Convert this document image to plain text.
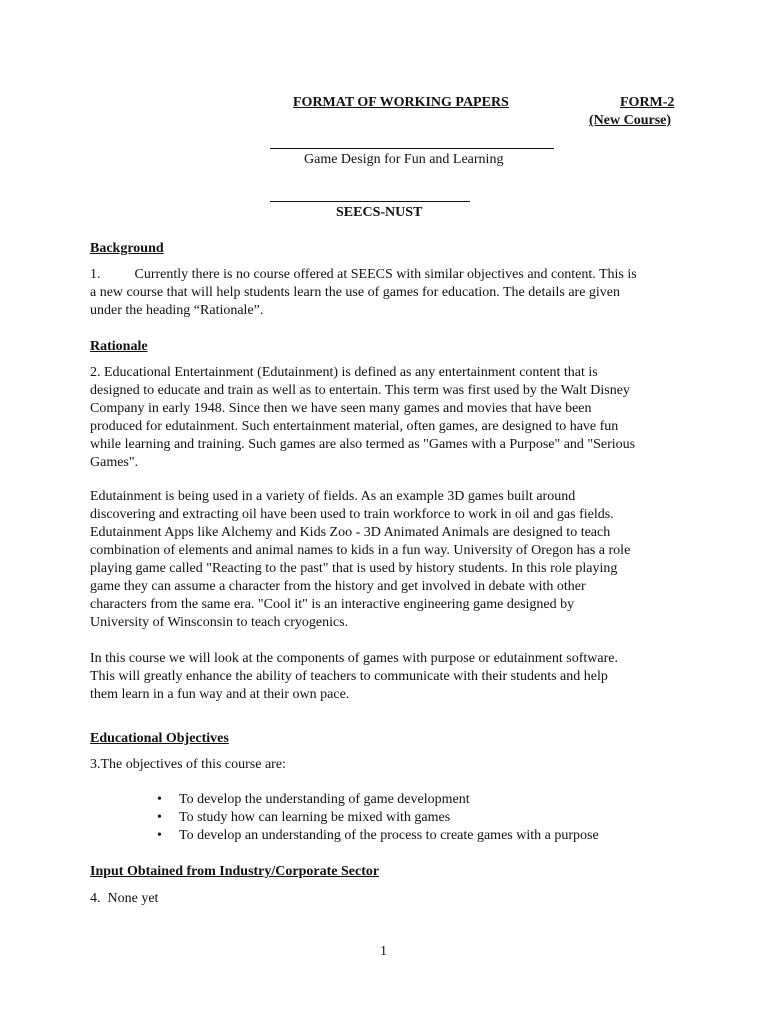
FORMAT OF WORKING PAPERS	FORM-2
(New Course)
Game Design for Fun and Learning
SEECS-NUST
Background
1. Currently there is no course offered at SEECS with similar objectives and content. This is
a new course that will help students learn the use of games for education. The details are given
under the heading “Rationale”.
Rationale
2. Educational Entertainment (Edutainment) is defined as any entertainment content that is
designed to educate and train as well as to entertain. This term was first used by the Walt Disney
Company in early 1948. Since then we have seen many games and movies that have been
produced for edutainment. Such entertainment material, often games, are designed to have fun
while learning and training. Such games are also termed as "Games with a Purpose" and "Serious
Games".
Edutainment is being used in a variety of fields. As an example 3D games built around
discovering and extracting oil have been used to train workforce to work in oil and gas fields.
Edutainment Apps like Alchemy and Kids Zoo - 3D Animated Animals are designed to teach
combination of elements and animal names to kids in a fun way. University of Oregon has a role
playing game called "Reacting to the past" that is used by history students. In this role playing
game they can assume a character from the history and get involved in debate with other
characters from the same era. "Cool it" is an interactive engineering game designed by
University of Winsconsin to teach cryogenics.
In this course we will look at the components of games with purpose or edutainment software.
This will greatly enhance the ability of teachers to communicate with their students and help
them learn in a fun way and at their own pace.
Educational Objectives
3.The objectives of this course are:
• To develop the understanding of game development
• To study how can learning be mixed with games
• To develop an understanding of the process to create games with a purpose
Input Obtained from Industry/Corporate Sector
4.  None yet
1
